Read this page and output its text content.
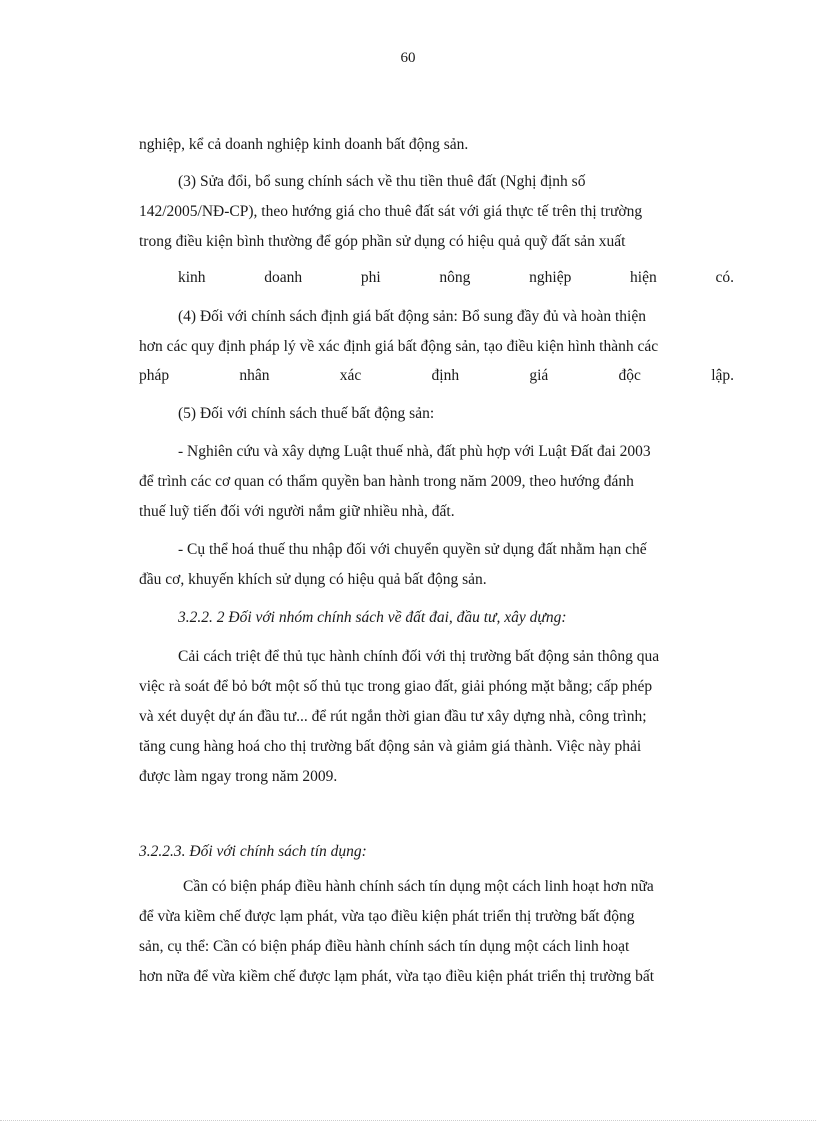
60
nghiệp, kể cả doanh nghiệp kinh doanh bất động sản.
(3) Sửa đổi, bổ sung chính sách về thu tiền thuê đất (Nghị định số
142/2005/NĐ-CP), theo hướng giá cho thuê đất sát với giá thực tế trên thị trường
trong điều kiện bình thường để góp phần sử dụng có hiệu quả quỹ đất sản xuất
kinh	doanh	phi	nông	nghiệp	hiện	có.
(4) Đối với chính sách định giá bất động sản: Bổ sung đầy đủ và hoàn thiện
hơn các quy định pháp lý về xác định giá bất động sản, tạo điều kiện hình thành các
pháp	nhân	xác	định	giá	độc	lập.
(5) Đối với chính sách thuế bất động sản:
- Nghiên cứu và xây dựng Luật thuế nhà, đất phù hợp với Luật Đất đai 2003
để trình các cơ quan có thẩm quyền ban hành trong năm 2009, theo hướng đánh
thuế luỹ tiến đối với người nắm giữ nhiều nhà, đất.
- Cụ thể hoá thuế thu nhập đối với chuyển quyền sử dụng đất nhằm hạn chế
đầu cơ, khuyến khích sử dụng có hiệu quả bất động sản.
3.2.2. 2 Đối với nhóm chính sách về đất đai, đầu tư, xây dựng:
Cải cách triệt để thủ tục hành chính đối với thị trường bất động sản thông qua
việc rà soát để bỏ bớt một số thủ tục trong giao đất, giải phóng mặt bằng; cấp phép
và xét duyệt dự án đầu tư... để rút ngắn thời gian đầu tư xây dựng nhà, công trình;
tăng cung hàng hoá cho thị trường bất động sản và giảm giá thành. Việc này phải
được làm ngay trong năm 2009.
3.2.2.3. Đối với chính sách tín dụng:
Cần có biện pháp điều hành chính sách tín dụng một cách linh hoạt hơn nữa
để vừa kiềm chế được lạm phát, vừa tạo điều kiện phát triển thị trường bất động
sản, cụ thể: Cần có biện pháp điều hành chính sách tín dụng một cách linh hoạt
hơn nữa để vừa kiềm chế được lạm phát, vừa tạo điều kiện phát triển thị trường bất
